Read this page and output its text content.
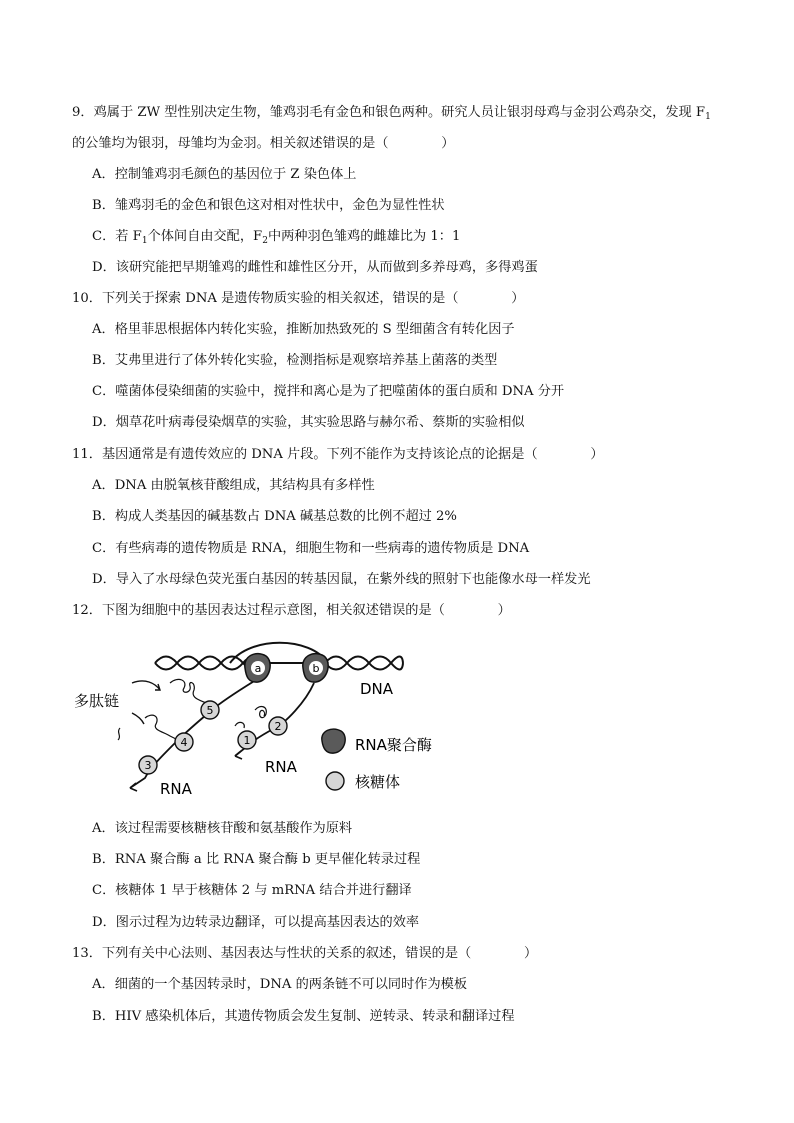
9．鸡属于 ZW 型性别决定生物，雏鸡羽毛有金色和银色两种。研究人员让银羽母鸡与金羽公鸡杂交，发现 $F_1$
的公雏均为银羽，母雏均为金羽。相关叙述错误的是（　　　　）
A．控制雏鸡羽毛颜色的基因位于 Z 染色体上
B．雏鸡羽毛的金色和银色这对相对性状中，金色为显性性状
C．若 $F_1$个体间自由交配，$F_2$中两种羽色雏鸡的雌雄比为 1：1
D．该研究能把早期雏鸡的雌性和雄性区分开，从而做到多养母鸡，多得鸡蛋
10．下列关于探索 DNA 是遗传物质实验的相关叙述，错误的是（　　　　）
A．格里菲思根据体内转化实验，推断加热致死的 S 型细菌含有转化因子
B．艾弗里进行了体外转化实验，检测指标是观察培养基上菌落的类型
C．噬菌体侵染细菌的实验中，搅拌和离心是为了把噬菌体的蛋白质和 DNA 分开
D．烟草花叶病毒侵染烟草的实验，其实验思路与赫尔希、蔡斯的实验相似
11．基因通常是有遗传效应的 DNA 片段。下列不能作为支持该论点的论据是（　　　　）
A．DNA 由脱氧核苷酸组成，其结构具有多样性
B．构成人类基因的碱基数占 DNA 碱基总数的比例不超过 2%
C．有些病毒的遗传物质是 RNA，细胞生物和一些病毒的遗传物质是 DNA
D．导入了水母绿色荧光蛋白基因的转基因鼠，在紫外线的照射下也能像水母一样发光
12．下图为细胞中的基因表达过程示意图，相关叙述错误的是（　　　　）
a	b
5
4
3
2
1
DNA
多肽链
RNA
RNA
RNA聚合酶
核糖体
A．该过程需要核糖核苷酸和氨基酸作为原料
B．RNA 聚合酶 a 比 RNA 聚合酶 b 更早催化转录过程
C．核糖体 1 早于核糖体 2 与 mRNA 结合并进行翻译
D．图示过程为边转录边翻译，可以提高基因表达的效率
13．下列有关中心法则、基因表达与性状的关系的叙述，错误的是（　　　　）
A．细菌的一个基因转录时，DNA 的两条链不可以同时作为模板
B．HIV 感染机体后，其遗传物质会发生复制、逆转录、转录和翻译过程
